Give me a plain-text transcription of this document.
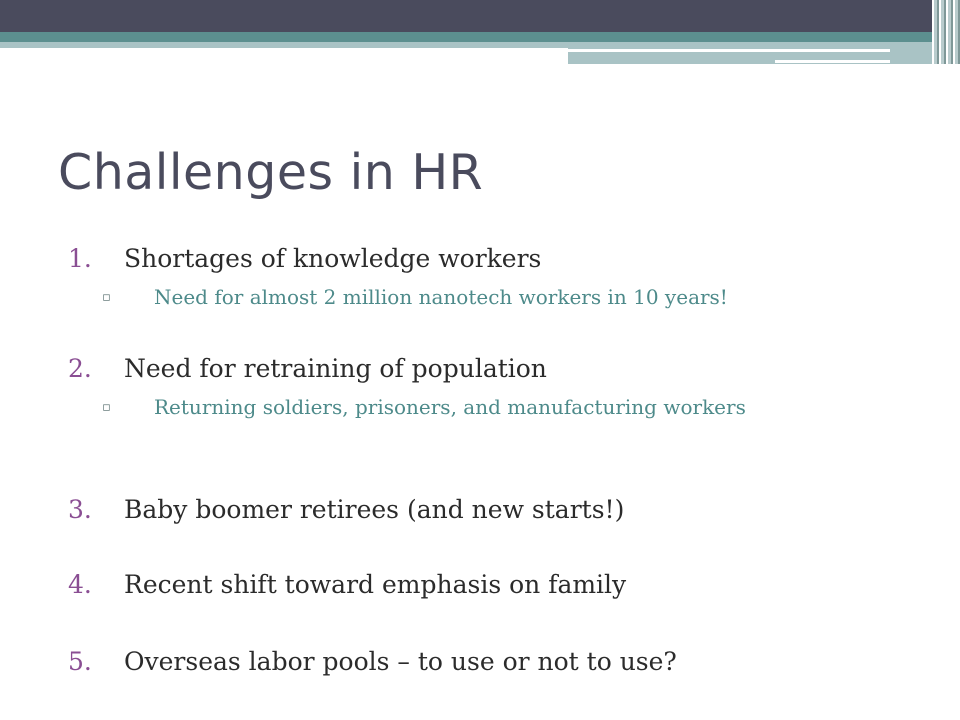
Challenges in HR
1. Shortages of knowledge workers
▫ Need for almost 2 million nanotech workers in 10 years!
2. Need for retraining of population
▫ Returning soldiers, prisoners, and manufacturing workers
3. Baby boomer retirees (and new starts!)
4. Recent shift toward emphasis on family
5. Overseas labor pools – to use or not to use?
